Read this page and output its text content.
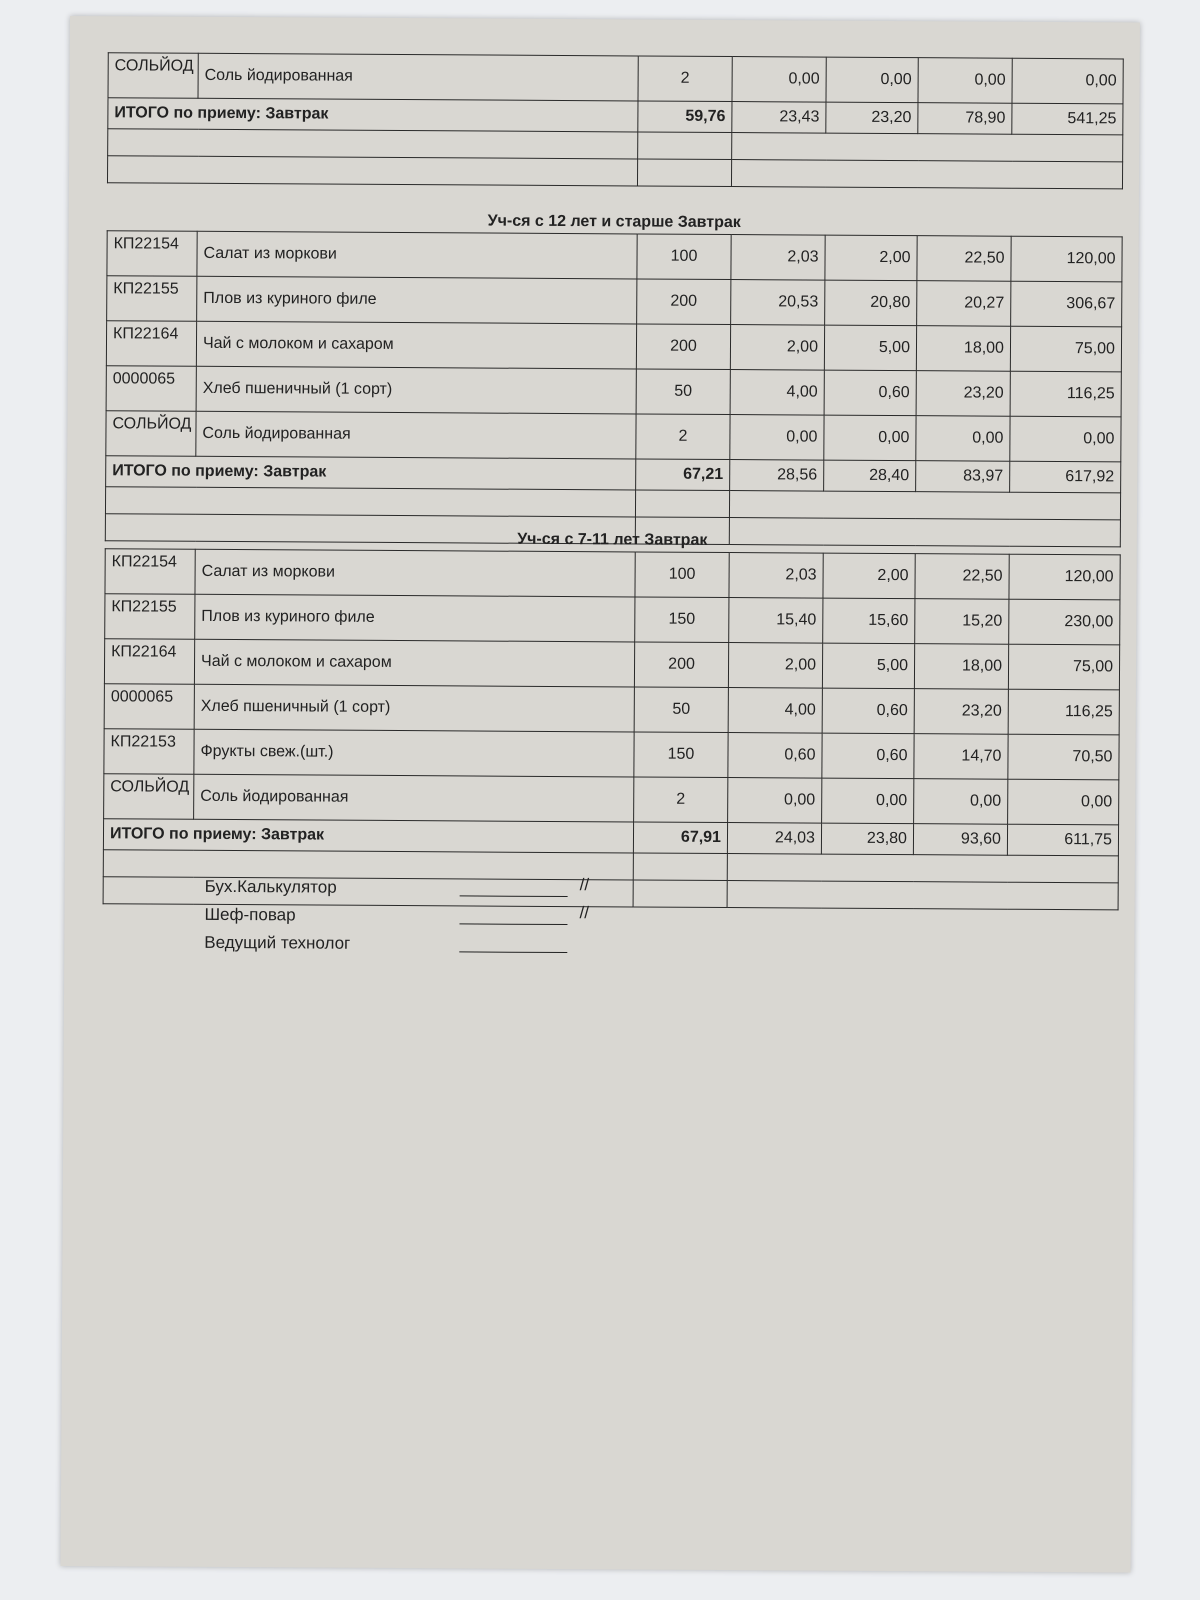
СОЛЬЙОД	Соль йодированная	2	0,00	0,00	0,00	0,00
ИТОГО по приему: Завтрак		59,76	23,43	23,20	78,90	541,25

Уч-ся с 12 лет и старше Завтрак
КП22154	Салат из моркови	100	2,03	2,00	22,50	120,00
КП22155	Плов из куриного филе	200	20,53	20,80	20,27	306,67
КП22164	Чай с молоком и сахаром	200	2,00	5,00	18,00	75,00
0000065	Хлеб пшеничный (1 сорт)	50	4,00	0,60	23,20	116,25
СОЛЬЙОД	Соль йодированная	2	0,00	0,00	0,00	0,00
ИТОГО по приему: Завтрак		67,21	28,56	28,40	83,97	617,92

Уч-ся с 7-11 лет Завтрак
КП22154	Салат из моркови	100	2,03	2,00	22,50	120,00
КП22155	Плов из куриного филе	150	15,40	15,60	15,20	230,00
КП22164	Чай с молоком и сахаром	200	2,00	5,00	18,00	75,00
0000065	Хлеб пшеничный (1 сорт)	50	4,00	0,60	23,20	116,25
КП22153	Фрукты свеж.(шт.)	150	0,60	0,60	14,70	70,50
СОЛЬЙОД	Соль йодированная	2	0,00	0,00	0,00	0,00
ИТОГО по приему: Завтрак		67,91	24,03	23,80	93,60	611,75

Бух.Калькулятор	//
Шеф-повар	//
Ведущий технолог
